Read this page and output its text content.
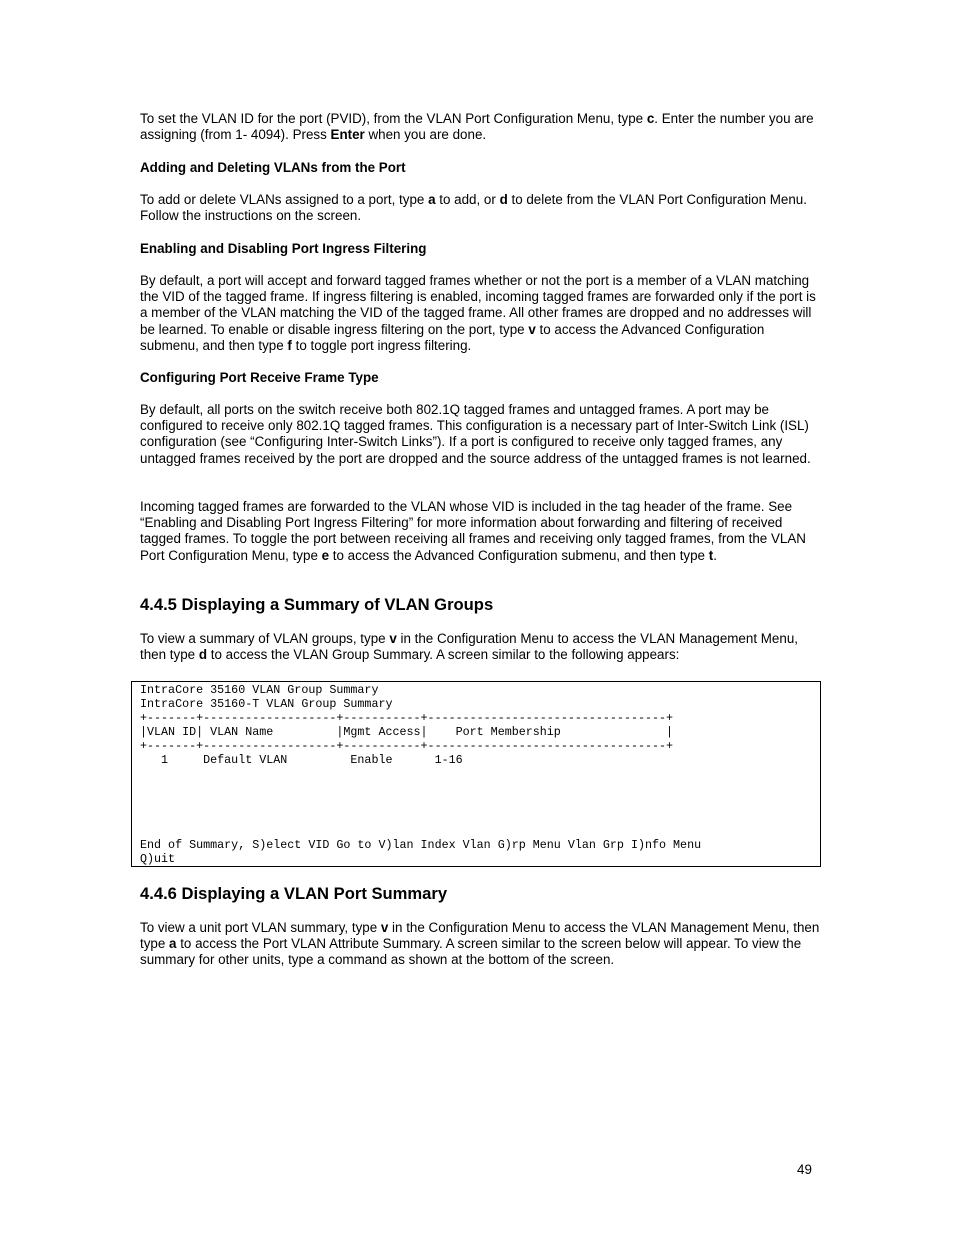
To set the VLAN ID for the port (PVID), from the VLAN Port Configuration Menu, type c. Enter the number you are assigning (from 1- 4094). Press Enter when you are done.

Adding and Deleting VLANs from the Port

To add or delete VLANs assigned to a port, type a to add, or d to delete from the VLAN Port Configuration Menu. Follow the instructions on the screen.

Enabling and Disabling Port Ingress Filtering

By default, a port will accept and forward tagged frames whether or not the port is a member of a VLAN matching the VID of the tagged frame. If ingress filtering is enabled, incoming tagged frames are forwarded only if the port is a member of the VLAN matching the VID of the tagged frame. All other frames are dropped and no addresses will be learned. To enable or disable ingress filtering on the port, type v to access the Advanced Configuration submenu, and then type f to toggle port ingress filtering.

Configuring Port Receive Frame Type

By default, all ports on the switch receive both 802.1Q tagged frames and untagged frames. A port may be configured to receive only 802.1Q tagged frames. This configuration is a necessary part of Inter-Switch Link (ISL) configuration (see “Configuring Inter-Switch Links”). If a port is configured to receive only tagged frames, any untagged frames received by the port are dropped and the source address of the untagged frames is not learned.

Incoming tagged frames are forwarded to the VLAN whose VID is included in the tag header of the frame. See “Enabling and Disabling Port Ingress Filtering” for more information about forwarding and filtering of received tagged frames. To toggle the port between receiving all frames and receiving only tagged frames, from the VLAN Port Configuration Menu, type e to access the Advanced Configuration submenu, and then type t.

4.4.5 Displaying a Summary of VLAN Groups

To view a summary of VLAN groups, type v in the Configuration Menu to access the VLAN Management Menu, then type d to access the VLAN Group Summary. A screen similar to the following appears:

4.4.6 Displaying a VLAN Port Summary

To view a unit port VLAN summary, type v in the Configuration Menu to access the VLAN Management Menu, then type a to access the Port VLAN Attribute Summary. A screen similar to the screen below will appear. To view the summary for other units, type a command as shown at the bottom of the screen.

IntraCore 35160 VLAN Group Summary
IntraCore 35160-T VLAN Group Summary
+-------+-------------------+-----------+----------------------------------+
|VLAN ID| VLAN Name         |Mgmt Access|    Port Membership               |
+-------+-------------------+-----------+----------------------------------+
1     Default VLAN         Enable      1-16

End of Summary, S)elect VID Go to V)lan Index Vlan G)rp Menu Vlan Grp I)nfo Menu
Q)uit
49
